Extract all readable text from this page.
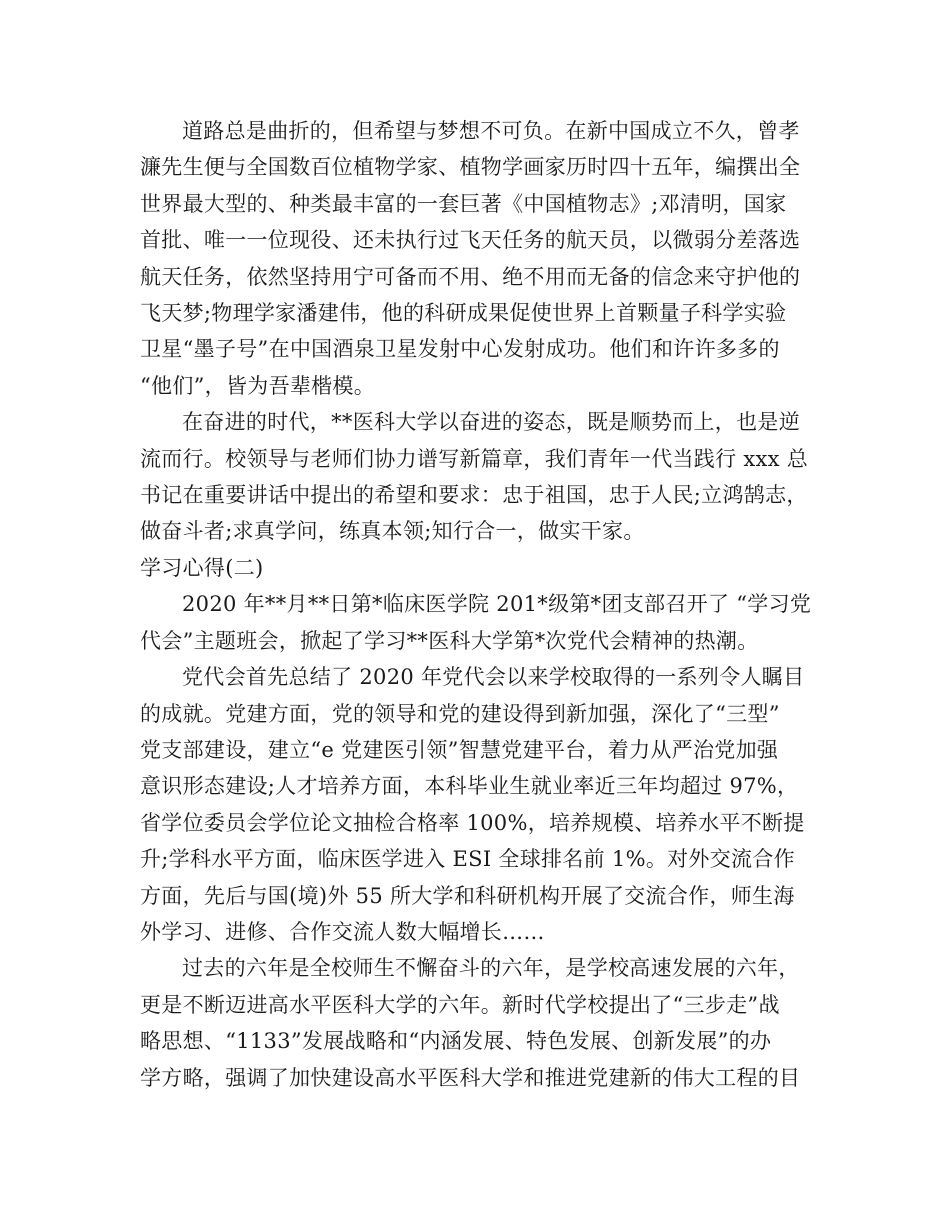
道路总是曲折的，但希望与梦想不可负。在新中国成立不久，曾孝
濂先生便与全国数百位植物学家、植物学画家历时四十五年，编撰出全
世界最大型的、种类最丰富的一套巨著《中国植物志》;邓清明，国家
首批、唯一一位现役、还未执行过飞天任务的航天员，以微弱分差落选
航天任务，依然坚持用宁可备而不用、绝不用而无备的信念来守护他的
飞天梦;物理学家潘建伟，他的科研成果促使世界上首颗量子科学实验
卫星“墨子号”在中国酒泉卫星发射中心发射成功。他们和许许多多的
“他们”，皆为吾辈楷模。

在奋进的时代，**医科大学以奋进的姿态，既是顺势而上，也是逆
流而行。校领导与老师们协力谱写新篇章，我们青年一代当践行 xxx 总
书记在重要讲话中提出的希望和要求：忠于祖国，忠于人民;立鸿鹄志，
做奋斗者;求真学问，练真本领;知行合一，做实干家。

学习心得(二)

2020 年**月**日第*临床医学院 201*级第*团支部召开了 “学习党
代会”主题班会，掀起了学习**医科大学第*次党代会精神的热潮。

党代会首先总结了 2020 年党代会以来学校取得的一系列令人瞩目
的成就。党建方面，党的领导和党的建设得到新加强，深化了“三型”
党支部建设，建立“e 党建医引领”智慧党建平台，着力从严治党加强
意识形态建设;人才培养方面，本科毕业生就业率近三年均超过 97%，
省学位委员会学位论文抽检合格率 100%，培养规模、培养水平不断提
升;学科水平方面，临床医学进入 ESI 全球排名前 1%。对外交流合作
方面，先后与国(境)外 55 所大学和科研机构开展了交流合作，师生海
外学习、进修、合作交流人数大幅增长……

过去的六年是全校师生不懈奋斗的六年，是学校高速发展的六年，
更是不断迈进高水平医科大学的六年。新时代学校提出了“三步走”战
略思想、“1133”发展战略和“内涵发展、特色发展、创新发展”的办
学方略，强调了加快建设高水平医科大学和推进党建新的伟大工程的目
